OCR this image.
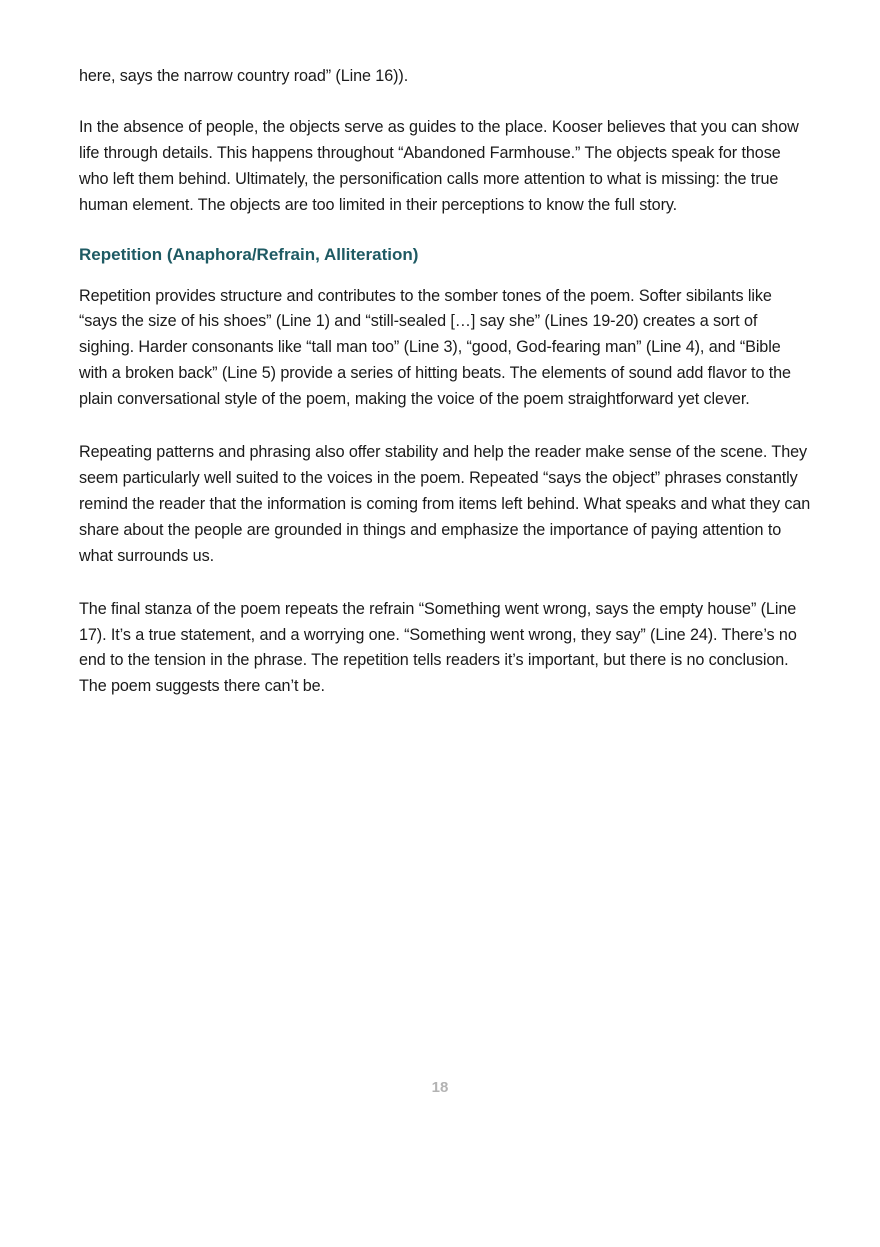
here, says the narrow country road” (Line 16)).

In the absence of people, the objects serve as guides to the place. Kooser believes that you can show life through details. This happens throughout “Abandoned Farmhouse.” The objects speak for those who left them behind. Ultimately, the personification calls more attention to what is missing: the true human element. The objects are too limited in their perceptions to know the full story.

Repetition (Anaphora/Refrain, Alliteration)

Repetition provides structure and contributes to the somber tones of the poem. Softer sibilants like “says the size of his shoes” (Line 1) and “still-sealed […] say she” (Lines 19-20) creates a sort of sighing. Harder consonants like “tall man too” (Line 3), “good, God-fearing man” (Line 4), and “Bible with a broken back” (Line 5) provide a series of hitting beats. The elements of sound add flavor to the plain conversational style of the poem, making the voice of the poem straightforward yet clever.

Repeating patterns and phrasing also offer stability and help the reader make sense of the scene. They seem particularly well suited to the voices in the poem. Repeated “says the object” phrases constantly remind the reader that the information is coming from items left behind. What speaks and what they can share about the people are grounded in things and emphasize the importance of paying attention to what surrounds us.

The final stanza of the poem repeats the refrain “Something went wrong, says the empty house” (Line 17). It’s a true statement, and a worrying one. “Something went wrong, they say” (Line 24). There’s no end to the tension in the phrase. The repetition tells readers it’s important, but there is no conclusion. The poem suggests there can’t be.

18
